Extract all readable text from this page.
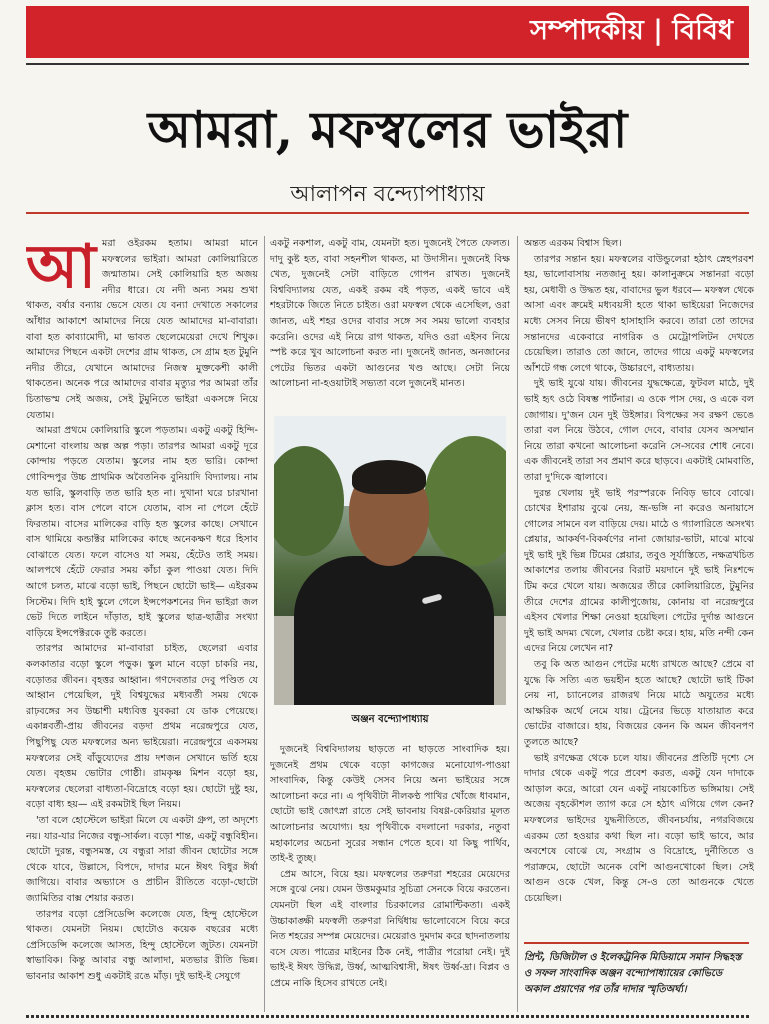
সম্পাদকীয় | বিবিধ
আমরা, মফস্বলের ভাইরা
আলাপন বন্দ্যোপাধ্যায়

আমরা ওইরকম হতাম। আমরা মানে মফস্বলের ভাইরা। আমরা কোলিয়ারিতে জন্মাতাম। সেই কোলিয়ারি হত অজয় নদীর ধারে। যে নদী অন্য সময় শুখা থাকত, বর্ষার বন্যায় ভেসে যেত। যে বন্যা দেখাতে সকালের আঁধার আকাশে আমাদের নিয়ে যেত আমাদের মা-বাবারা। বাবা হত কাব্যামোদী, মা ভাবত ছেলেমেয়েরা দেখে শিখুক। আমাদের পিছনে একটা দেশের গ্রাম থাকত, সে গ্রাম হত টুমুনি নদীর তীরে, যেখানে আমাদের নিজস্ব মুক্তকেশী কালী থাকতেন। অনেক পরে আমাদের বাবার মৃত্যুর পর আমরা তাঁর চিতাভস্ম সেই অজয়, সেই টুমুনিতে ভাইরা একসঙ্গে নিয়ে যেতাম।

আমরা প্রথমে কোলিয়ারি স্কুলে পড়তাম। একটু একটু হিন্দি-মেশানো বাংলায় অল্প অল্প পড়া। তারপর আমরা একটু দূরে কোন্দায় পড়তে যেতাম। স্কুলের নাম হত ভারি। কোন্দা গোবিন্দপুর উচ্চ প্রাথমিক অবৈতনিক বুনিয়াদি বিদ্যালয়। নাম যত ভারি, স্কুলবাড়ি তত ভারি হত না। দুখানা ঘরে চারখানা ক্লাস হত। বাস পেলে বাসে যেতাম, বাস না পেলে হেঁটে ফিরতাম। বাসের মালিকের বাড়ি হত স্কুলের কাছে। সেখানে বাস থামিয়ে কন্ডাক্টর মালিকের কাছে অনেকক্ষণ ধরে হিসাব বোঝাতে যেত। ফলে বাসেও যা সময়, হেঁটেও তাই সময়। আলপথে হেঁটে ফেরার সময় কাঁচা কুল পাওয়া যেত। দিদি আগে চলত, মাঝে বড়ো ভাই, পিছনে ছোটো ভাই— এইরকম সিস্টেম। দিদি হাই স্কুলে গেলে ইন্সপেকশনের দিন ভাইরা জল ভেট দিতে লাইনে দাঁড়াত, হাই স্কুলের ছাত্র-ছাত্রীর সংখ্যা বাড়িয়ে ইন্সপেক্টরকে তুষ্ট করতে।

তারপর আমাদের মা-বাবারা চাইত, ছেলেরা এবার কলকাতার বড়ো স্কুলে পড়ুক। স্কুল মানে বড়ো চাকরি নয়, বড়োতর জীবন। বৃহত্তর আহ্বান। গণদেবতার দেবু পণ্ডিত যে আহ্বান পেয়েছিল, দুই বিশ্বযুদ্ধের মধ্যবর্তী সময় থেকে রাঢ়বঙ্গের সব উচ্চাশী মধ্যবিত্ত যুবকরা যে ডাক পেয়েছে। একান্নবর্তী-প্রায় জীবনের বড়দা প্রথম নরেন্দ্রপুরে যেত, পিছুপিছু যেত মফস্বলের অন্য ভাইয়েরা। নরেন্দ্রপুরে একসময় মফস্বলের সেই বাঁড়ুয্যেদের প্রায় দশজন সেখানে ভর্তি হয়ে যেত। বৃহত্তম ভোটার গোষ্ঠী। রামকৃষ্ণ মিশন বড়ো হয়, মফস্বলের ছেলেরা বাধ্যতা-বিদ্রোহে বড়ো হয়। ছোটো দুষ্টু হয়, বড়ো বাধ্য হয়— এই রকমটাই ছিল নিয়ম।

'তা বলে হোস্টেলে ভাইরা মিলে যে একটা গ্রুপ, তা অদৃশ্যে নয়। যার-যার নিজের বন্ধু-সার্কল। বড়ো শান্ত, একটু বন্ধুবিহীন। ছোটো দুরন্ত, বন্ধুসমস্ত, যে বন্ধুরা সারা জীবন ছোটোর সঙ্গে থেকে যাবে, উল্লাসে, বিপদে, দাদার মনে ঈষৎ বিধুর ঈর্ষা জাগিয়ে। বাবার অভ্যাসে ও প্রাচীন রীতিতে বড়ো-ছোটো জ্যামিতির বাক্স শেয়ার করত।

তারপর বড়ো প্রেসিডেন্সি কলেজে যেত, হিন্দু হোস্টেলে থাকত। যেমনটা নিয়ম। ছোটোও কয়েক বছরের মধ্যে প্রেসিডেন্সি কলেজে আসত, হিন্দু হোস্টেলে জুটত। যেমনটা স্বাভাবিক। কিন্তু আবার বন্ধু আলাদা, মতভার রীতি ভিন্ন। ভাবনার আকাশ শুধু একটাই রঙে মাঁড়। দুই ভাই-ই সেযুগে

একটু নকশাল, একটু বাম, যেমনটা হত। দুজনেই পৈতে ফেলত। দাদু কুষ্ট হত, বাবা সহনশীল থাকত, মা উদাসীন। দুজনেই বিক্ষ খেত, দুজনেই সেটা বাড়িতে গোপন রাখত। দুজনেই বিশ্ববিদ্যালয় যেত, একই রকম বই পড়ত, একই ভাবে এই শহরটাকে জিতে নিতে চাইত। ওরা মফস্বল থেকে এসেছিল, ওরা জানত, এই শহর ওদের বাবার সঙ্গে সব সময় ভালো ব্যবহার করেনি। ওদের এই নিয়ে রাগ থাকত, যদিও ওরা এইসব নিয়ে স্পষ্ট করে খুব আলোচনা করত না। দুজনেই জানত, অনজানের পেটের ভিতর একটা আগুনের খণ্ড আছে। সেটা নিয়ে আলোচনা না-হওয়াটাই সভ্যতা বলে দুজনেই মানত।

অঞ্জন বন্দ্যোপাধ্যায়

দুজনেই বিশ্ববিদ্যালয় ছাড়তে না ছাড়তে সাংবাদিক হয়। দুজনেই প্রথম থেকে বড়ো কাগজের মনোযোগ-পাওয়া সাংবাদিক, কিন্তু কেউই সেসব নিয়ে অন্য ভাইয়ের সঙ্গে আলোচনা করে না। এ পৃথিবীটা নীলকণ্ঠ পাখির খোঁজে ধাবমান, ছোটো ভাই জোৎস্না রাতে সেই ভাবনায় বিষণ্ণ-কেরিয়ার মূলত আলোচনার অযোগ্য। হয় পৃথিবীকে বদলানো দরকার, নতুবা মহাকালের অচেনা সুরের সন্ধান পেতে হবে। যা কিছু পার্থিব, তাই-ই তুচ্ছ।

প্রেম আসে, বিয়ে হয়। মফস্বলের তরুণরা শহরের মেয়েদের সঙ্গে বুঝে নেয়। যেমন উত্তমকুমার সুচিত্রা সেনকে বিয়ে করতেন। যেমনটা ছিল এই বাংলার চিরকালের রোমান্টিকতা। একই উচ্চাকাঙ্ক্ষী মফস্বলী তরুণরা নির্দ্বিধায় ভালোবেসে বিয়ে করে নিত শহরের সম্পন্ন মেয়েদের। মেয়েরাও দুমদাম করে ছাদনাতলায় বসে যেত। পাত্রের মাইনের ঠিক নেই, পাত্রীর পরোয়া নেই। দুই ভাই-ই ঈষৎ উদ্ধিগ্ন, উর্ধ্ব, আত্মবিশ্বাসী, ঈষৎ উর্ধ্ব-দ্রা। বিপ্লব ও প্রেমে নাকি হিসেব রাখতে নেই।

অন্তত এরকম বিশ্বাস ছিল।

তারপর সন্তান হয়। মফস্বলের বাউন্ডুলেরা হঠাৎ স্নেহপরবশ হয়, ভালোবাসায় নতজানু হয়। কালানুক্রমে সন্তানরা বড়ো হয়, মেধাবী ও উদ্ধত হয়, বাবাদের ভুল ধরবে— মফস্বল থেকে আসা এবং ক্রমেই মধ্যবয়সী হতে থাকা ভাইয়েরা নিজেদের মধ্যে সেসব নিয়ে ভীষণ হাসাহাসি করবে। তারা তো তাদের সন্তানদের একেবারে নাগরিক ও মেট্রোপলিটন দেখতে চেয়েছিল। তারাও তো জানে, তাদের গায়ে একটু মফস্বলের আঁশটে গন্ধ লেগে থাকে, উচ্চারণে, বাধ্যতায়।

দুই ভাই যুঝে যায়। জীবনের যুদ্ধক্ষেত্রে, ফুটবল মাঠে, দুই ভাই হৃৎ ওঠে বিষম্ভ পার্টনার। এ ওকে পাস দেয়, ও একে বল জোগায়। দু'জন যেন দুই উইঙ্গার। বিপক্ষের সব রক্ষণ ভেঙে তারা বল নিয়ে উঠবে, গোল দেবে, বাবার যেসব অসম্মান নিয়ে তারা কখনো আলোচনা করেনি সে-সবের শোধ নেবে। এক জীবনেই তারা সব প্রমাণ করে ছাড়বে। একটাই মোমবাতি, তারা দু'দিকে জ্বালাবে।

দুরন্ত খেলায় দুই ভাই পরস্পরকে নিবিড় ভাবে বোঝে। চোখের ইশারায় বুঝে নেয়, ভ্রূ-ভঙ্গি না করেও অনায়াসে গোলের সামনে বল বাড়িয়ে দেয়। মাঠে ও গ্যালারিতে অসংখ্য প্লেয়ার, আকর্ষণ-বিকর্ষণের নানা জোয়ার-ভাটা, মাঝে মাঝে দুই ভাই দুই ভিন্ন টিমের প্লেয়ার, তবুও সূর্যাস্তিতে, নক্ষত্রখচিত আকাশের তলায় জীবনের বিরাট ময়দানে দুই ভাই নিঃশব্দে টিম করে খেলে যায়। অজয়ের তীরে কোলিয়ারিতে, টুমুনির তীরে দেশের গ্রামের কালীপুজোয়, কোনায় বা নরেন্দ্রপুরে এইসব খেলার শিক্ষা নেওয়া হয়েছিল। পেটের দুর্দান্ত আগুনে দুই ভাই অদম্য খেলে, খেলার চেষ্টা করে। হায়, মতি নন্দী কেন এদের নিয়ে লেখেন না?

তবু কি অত আগুন পেটের মধ্যে রাখতে আছে? প্রেমে বা যুদ্ধে কি সত্যি এত ভয়হীন হতে আছে? ছোটো ভাই টিকা নেয় না, চ্যানেলের রাজরথ নিয়ে মাঠে অযুতের মধ্যে আক্ষরিক অর্থে নেমে যায়। ট্রেনের ভিড়ে যাতায়াত করে ভোটের বাজারে। হায়, বিজয়ের কেনন কি অমন জীবনপণ তুলতে আছে?

ভাই রণক্ষেত্র থেকে চলে যায়। জীবনের প্রতিটি দৃশ্যে সে দাদার থেকে একটু পরে প্রবেশ করত, একটু যেন দাদাকে আড়াল করে, আরো যেন একটু নায়কোচিত ভঙ্গিমায়। সেই অজেয় বৃহকৌশল ত্যাগ করে সে হঠাৎ এগিয়ে গেল কেন? মফস্বলের ভাইদের যুদ্ধনীতিতে, জীবনচর্যায়, নগরবিজয়ে এরকম তো হওয়ার কথা ছিল না। বড়ো ভাই ভাবে, আর অবশেষে বোঝে যে, সংগ্রাম ও বিদ্রোহে, দুর্নীতিতে ও পরাক্রমে, ছোটো অনেক বেশি আগুনখোকো ছিল। সেই আগুন ওকে খেল, কিন্তু সে-ও তো আগুনকে খেতে চেয়েছিল।

প্রিন্ট, ডিজিটাল ও ইলেকট্রনিক মিডিয়ামে সমান সিদ্ধহস্ত ও সফল সাংবাদিক অঞ্জন বন্দ্যোপাধ্যায়ের কোভিডে অকাল প্রয়াণের পর তাঁর দাদার স্মৃতিঅর্ঘ্য।
